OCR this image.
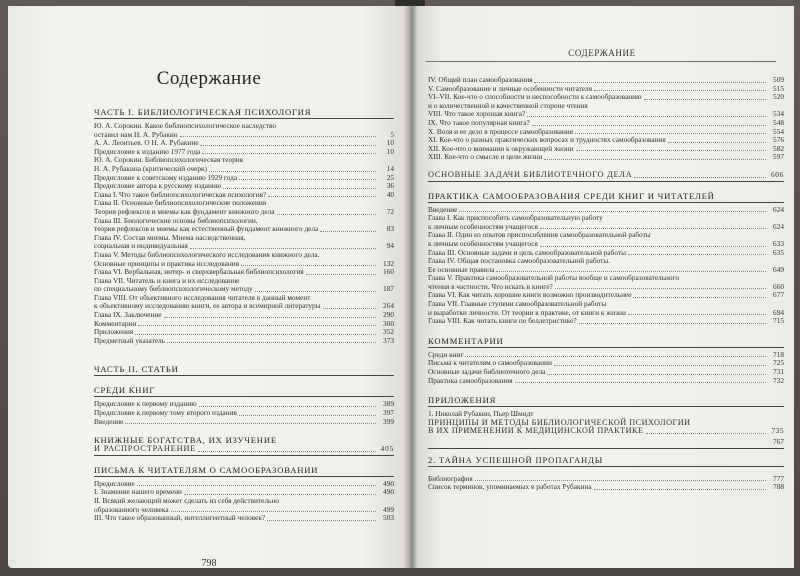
Содержание
ЧАСТЬ I. БИБЛИОЛОГИЧЕСКАЯ ПСИХОЛОГИЯ
Ю. А. Сорокин. Какое библиопсихологическое наследство
оставил нам Н. А. Рубакин	5
А. А. Леонтьев. О Н. А. Рубакине	10
Предисловие к изданию 1977 года	10
Ю. А. Сорокин. Библиопсихологическая теория
Н. А. Рубакина (критический очерк)	14
Предисловие к советскому изданию 1929 года	25
Предисловие автора к русскому изданию	36
Глава I. Что такое библиопсихологическая психология?	40
Глава II. Основные библиопсихологические положения
Теория рефлексов и мнемы как фундамент книжного дела	72
Глава III. Биологические основы библиопсихологии,
теория рефлексов и мнемы как естественный фундамент книжного дела	83
Глава IV. Состав мнемы. Мнема наследственная,
социальная и индивидуальная	94
Глава V. Методы библиопсихологического исследования книжного дела.
Основные принципы и практика исследования	132
Глава VI. Вербальная, интер- и сверхвербальная библиопсихология	160
Глава VII. Читатель и книга и их исследование
по специальному библиопсихологическому методу	187
Глава VIII. От объективного исследования читателя в данный момент
к объективному исследованию книги, ее автора и всемирной литературы	264
Глава IX. Заключение	290
Комментарии	300
Приложения	352
Предметный указатель	373
ЧАСТЬ II. СТАТЬИ
СРЕДИ КНИГ
Предисловие к первому изданию	389
Предисловие к первому тому второго издания	397
Введение	399
КНИЖНЫЕ БОГАТСТВА, ИХ ИЗУЧЕНИЕ
И РАСПРОСТРАНЕНИЕ	405
ПИСЬМА К ЧИТАТЕЛЯМ О САМООБРАЗОВАНИИ
Предисловие	490
I. Знамение нашего времени	490
II. Всякий желающий может сделать из себя действительно
образованного человека	499
III. Что такое образованный, интеллигентный человек?	503
798
СОДЕРЖАНИЕ
IV. Общий план самообразования	509
V. Самообразование и личные особенности читателя	515
VI–VII. Кое-что о способности и неспособности к самообразованию	520
и о количественной и качественной стороне чтения
VIII. Что такое хорошая книга?	534
IX. Что такое популярная книга?	548
X. Воля и ее дело в процессе самообразования	554
XI. Кое-что о разных практических вопросах и трудностях самообразования	576
XII. Кое-что о внимании к окружающей жизни	582
XIII. Кое-что о смысле и цели жизни	597
ОСНОВНЫЕ ЗАДАЧИ БИБЛИОТЕЧНОГО ДЕЛА	606
ПРАКТИКА САМООБРАЗОВАНИЯ СРЕДИ КНИГ И ЧИТАТЕЛЕЙ
Введение	624
Глава I. Как приспособить самообразовательную работу
к личным особенностям учащегося	624
Глава II. Один из опытов приспособления самообразовательной работы
к личным особенностям учащегося	633
Глава III. Основные задачи и цель самообразовательной работы	635
Глава IV. Общая постановка самообразовательной работы.
Ее основные правила	649
Глава V. Практика самообразовательной работы вообще и самообразовательного
чтения в частности. Что искать в книге?	660
Глава VI. Как читать хорошие книги возможно производительнее	677
Глава VII. Главные ступени самообразовательной работы
и выработки личности. От теории к практике, от книги к жизни	694
Глава VIII. Как читать книги по беллетристике?	715
КОММЕНТАРИИ
Среди книг	718
Письма к читателям о самообразовании	725
Основные задачи библиотечного дела	731
Практика самообразования	732
ПРИЛОЖЕНИЯ
1. Николай Рубакин, Пьер Шмидт
ПРИНЦИПЫ И МЕТОДЫ БИБЛИОЛОГИЧЕСКОЙ ПСИХОЛОГИИ
В ИХ ПРИМЕНЕНИИ К МЕДИЦИНСКОЙ ПРАКТИКЕ	735
767
2. ТАЙНА УСПЕШНОЙ ПРОПАГАНДЫ
Библиография	777
Список терминов, упоминаемых в работах Рубакина	788
